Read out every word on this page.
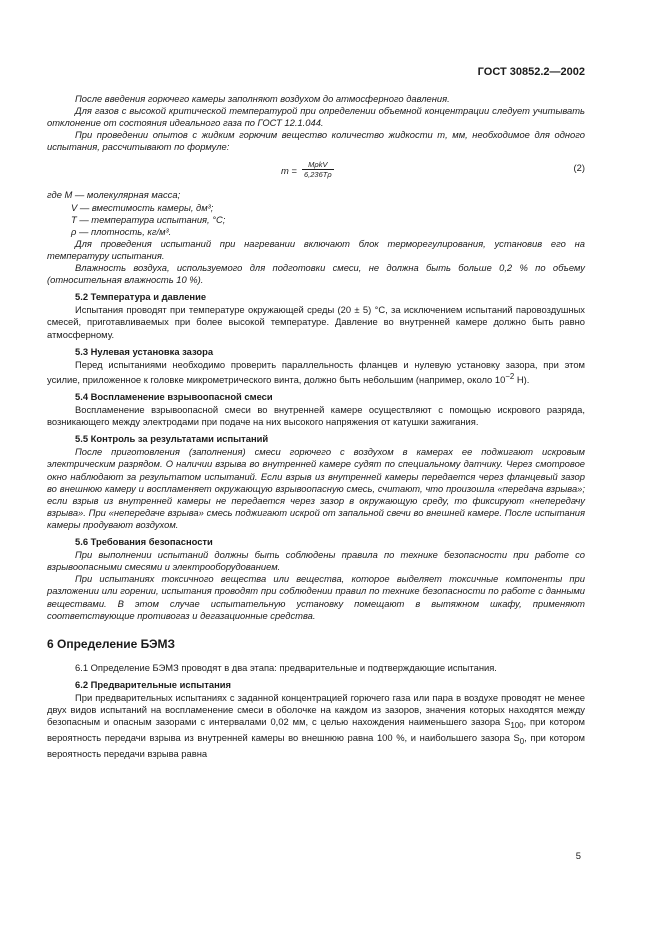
ГОСТ 30852.2—2002

После введения горючего камеры заполняют воздухом до атмосферного давления.

Для газов с высокой критической температурой при определении объемной концентрации следует учитывать отклонение от состояния идеального газа по ГОСТ 12.1.044.

При проведении опытов с жидким горючим вещество количество жидкости m, мм, необходимое для одного испытания, рассчитывают по формуле:

m =
MρkV
6,236Tρ
(2)

где M — молекулярная масса;

V — вместимость камеры, дм³;

T — температура испытания, °С;

ρ — плотность, кг/м³.

Для проведения испытаний при нагревании включают блок терморегулирования, установив его на температуру испытания.

Влажность воздуха, используемого для подготовки смеси, не должна быть больше 0,2 % по объему (относительная влажность 10 %).

5.2 Температура и давление

Испытания проводят при температуре окружающей среды (20 ± 5) °С, за исключением испытаний паровоздушных смесей, приготавливаемых при более высокой температуре. Давление во внутренней камере должно быть равно атмосферному.

5.3 Нулевая установка зазора

Перед испытаниями необходимо проверить параллельность фланцев и нулевую установку зазора, при этом усилие, приложенное к головке микрометрического винта, должно быть небольшим (например, около $10^{-2}$ Н).

5.4 Воспламенение взрывоопасной смеси

Воспламенение взрывоопасной смеси во внутренней камере осуществляют с помощью искрового разряда, возникающего между электродами при подаче на них высокого напряжения от катушки зажигания.

5.5 Контроль за результатами испытаний

После приготовления (заполнения) смеси горючего с воздухом в камерах ее поджигают искровым электрическим разрядом. О наличии взрыва во внутренней камере судят по специальному датчику. Через смотровое окно наблюдают за результатом испытаний. Если взрыв из внутренней камеры передается через фланцевый зазор во внешнюю камеру и воспламеняет окружающую взрывоопасную смесь, считают, что произошла «передача взрыва»; если взрыв из внутренней камеры не передается через зазор в окружающую среду, то фиксируют «непередачу взрыва». При «непередаче взрыва» смесь поджигают искрой от запальной свечи во внешней камере. После испытания камеры продувают воздухом.

5.6 Требования безопасности

При выполнении испытаний должны быть соблюдены правила по технике безопасности при работе со взрывоопасными смесями и электрооборудованием.

При испытаниях токсичного вещества или вещества, которое выделяет токсичные компоненты при разложении или горении, испытания проводят при соблюдении правил по технике безопасности по работе с данными веществами. В этом случае испытательную установку помещают в вытяжном шкафу, применяют соответствующие противогаз и дегазационные средства.

6 Определение БЭМЗ

6.1 Определение БЭМЗ проводят в два этапа: предварительные и подтверждающие испытания.

6.2 Предварительные испытания

При предварительных испытаниях с заданной концентрацией горючего газа или пара в воздухе проводят не менее двух видов испытаний на воспламенение смеси в оболочке на каждом из зазоров, значения которых находятся между безопасным и опасным зазорами с интервалами 0,02 мм, с целью нахождения наименьшего зазора $S_{100}$, при котором вероятность передачи взрыва из внутренней камеры во внешнюю равна 100 %, и наибольшего зазора $S_0$, при котором вероятность передачи взрыва равна

5
